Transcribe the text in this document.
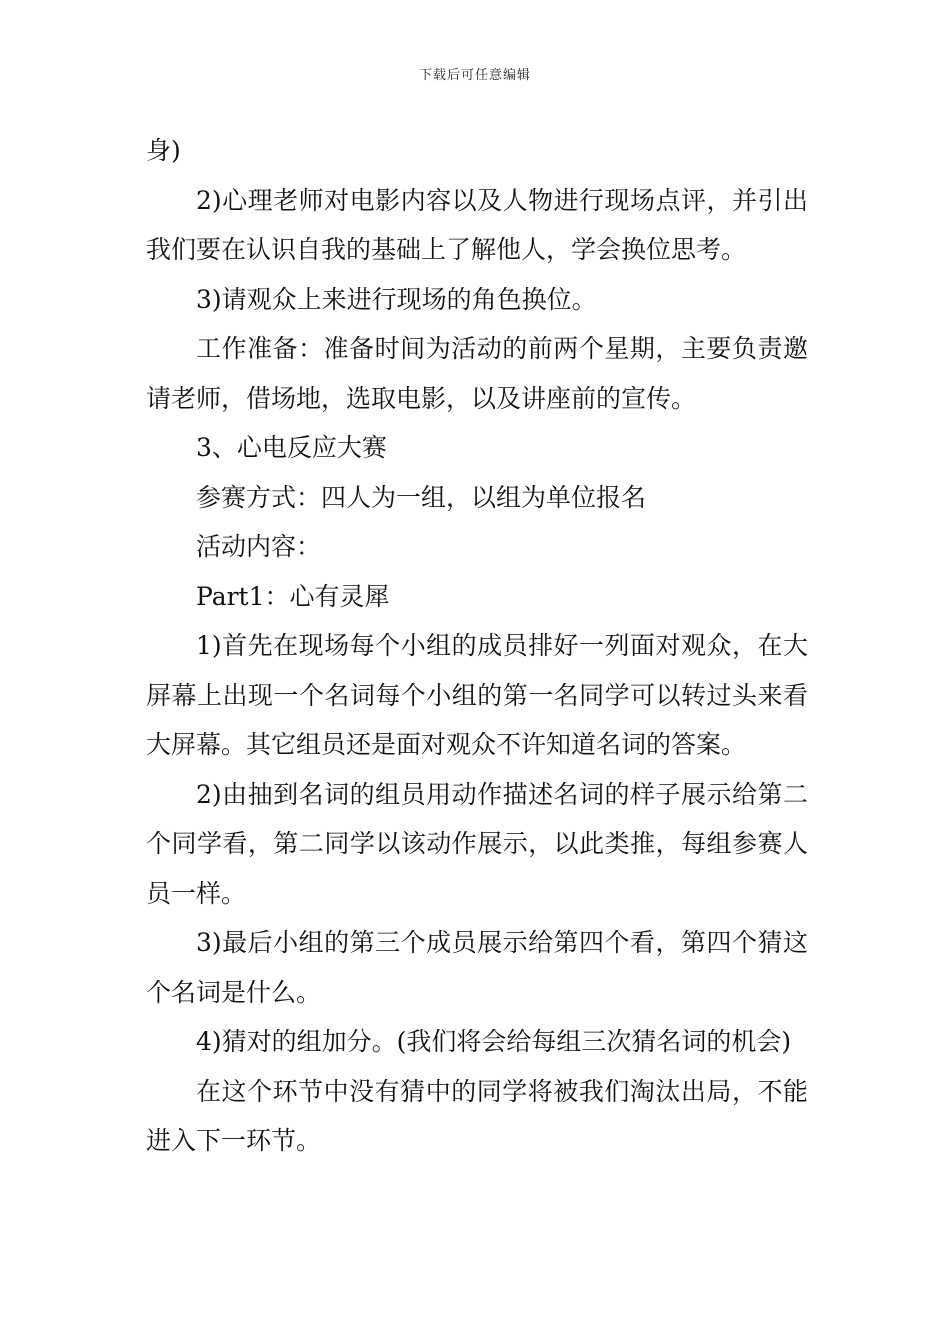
下载后可任意编辑

身)

2)心理老师对电影内容以及人物进行现场点评，并引出我们要在认识自我的基础上了解他人，学会换位思考。

3)请观众上来进行现场的角色换位。

工作准备：准备时间为活动的前两个星期，主要负责邀请老师，借场地，选取电影，以及讲座前的宣传。

3、心电反应大赛

参赛方式：四人为一组，以组为单位报名

活动内容：

Part1：心有灵犀

1)首先在现场每个小组的成员排好一列面对观众，在大屏幕上出现一个名词每个小组的第一名同学可以转过头来看大屏幕。其它组员还是面对观众不许知道名词的答案。

2)由抽到名词的组员用动作描述名词的样子展示给第二个同学看，第二同学以该动作展示，以此类推，每组参赛人员一样。

3)最后小组的第三个成员展示给第四个看，第四个猜这个名词是什么。

4)猜对的组加分。(我们将会给每组三次猜名词的机会)

在这个环节中没有猜中的同学将被我们淘汰出局，不能进入下一环节。
